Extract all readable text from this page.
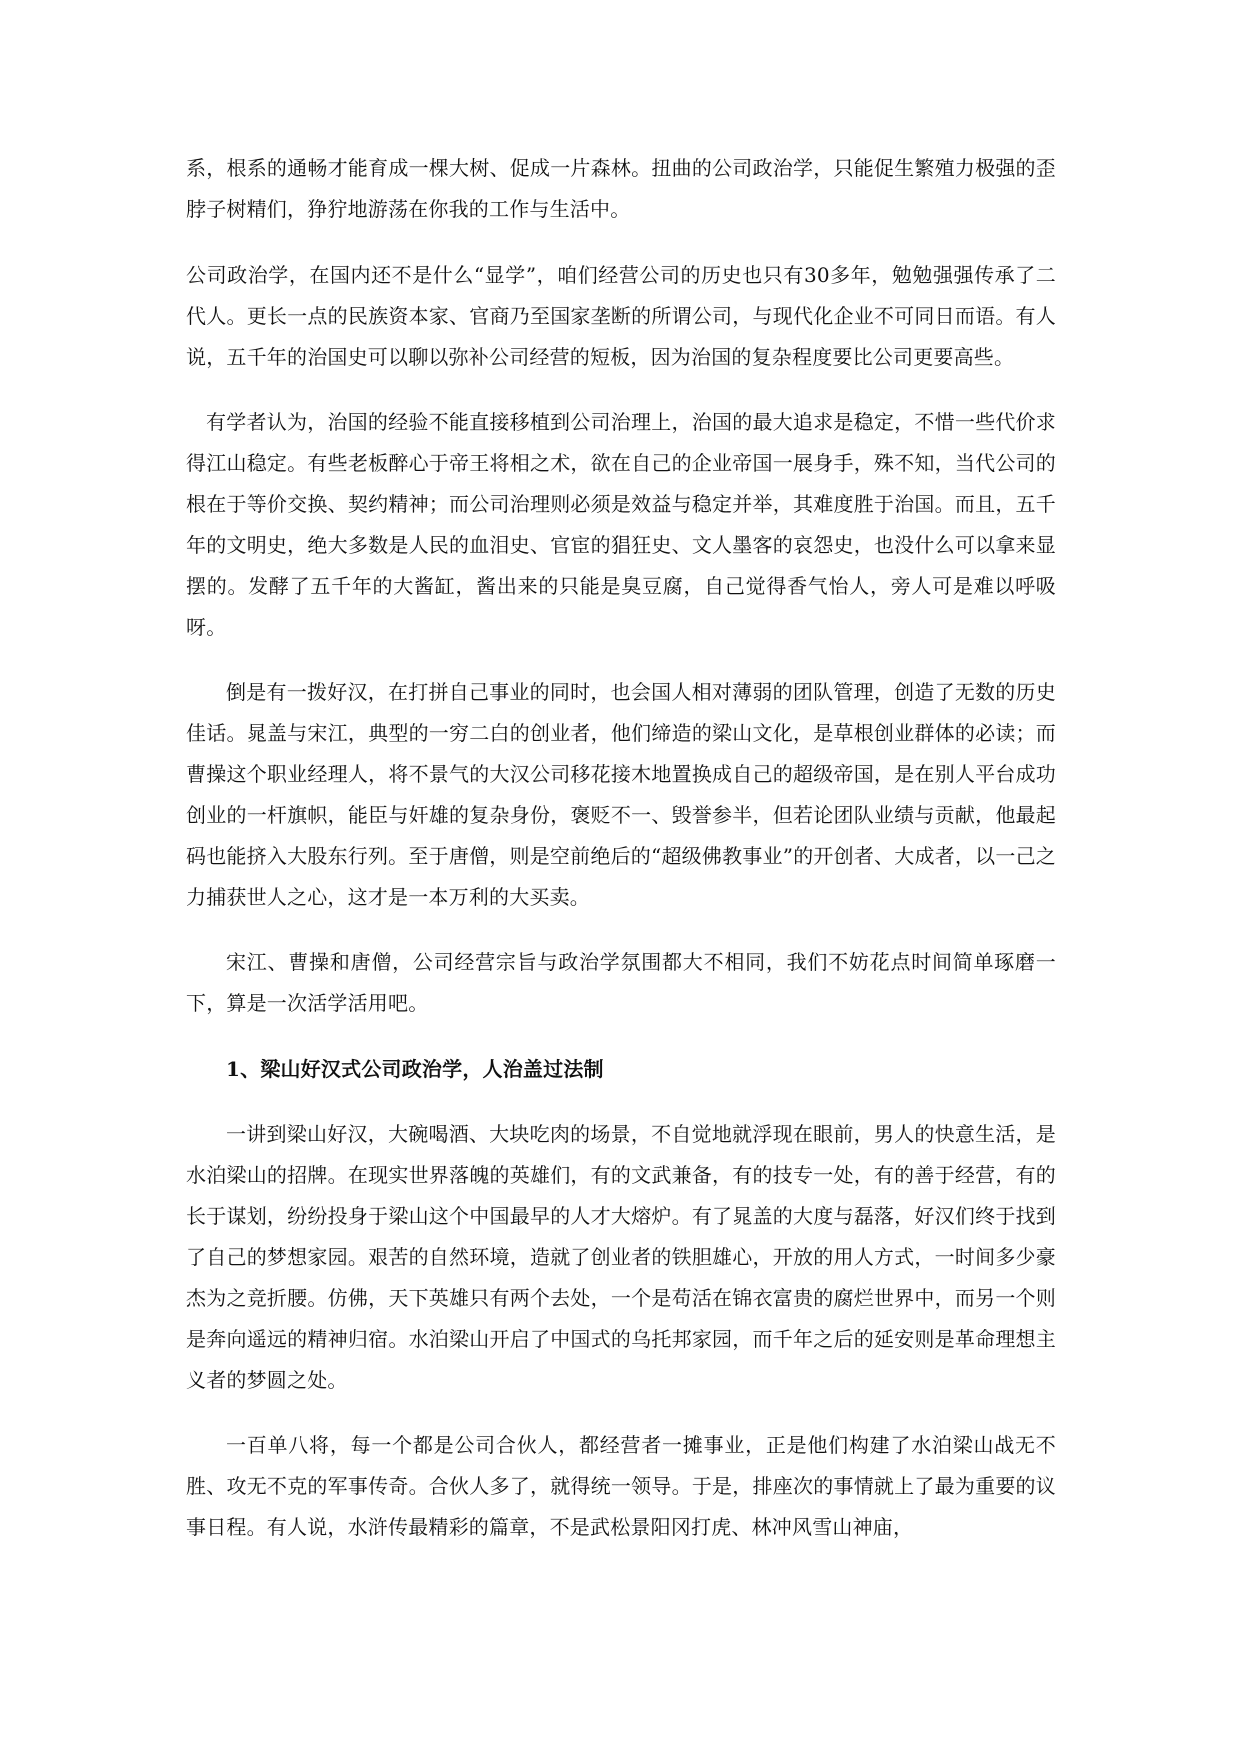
系，根系的通畅才能育成一棵大树、促成一片森林。扭曲的公司政治学，只能促生繁殖力极强的歪脖子树精们，狰狞地游荡在你我的工作与生活中。

公司政治学，在国内还不是什么“显学”，咱们经营公司的历史也只有30多年，勉勉强强传承了二代人。更长一点的民族资本家、官商乃至国家垄断的所谓公司，与现代化企业不可同日而语。有人说，五千年的治国史可以聊以弥补公司经营的短板，因为治国的复杂程度要比公司更要高些。

有学者认为，治国的经验不能直接移植到公司治理上，治国的最大追求是稳定，不惜一些代价求得江山稳定。有些老板醉心于帝王将相之术，欲在自己的企业帝国一展身手，殊不知，当代公司的根在于等价交换、契约精神；而公司治理则必须是效益与稳定并举，其难度胜于治国。而且，五千年的文明史，绝大多数是人民的血泪史、官宦的猖狂史、文人墨客的哀怨史，也没什么可以拿来显摆的。发酵了五千年的大酱缸，酱出来的只能是臭豆腐，自己觉得香气怡人，旁人可是难以呼吸呀。

倒是有一拨好汉，在打拼自己事业的同时，也会国人相对薄弱的团队管理，创造了无数的历史佳话。晁盖与宋江，典型的一穷二白的创业者，他们缔造的梁山文化，是草根创业群体的必读；而曹操这个职业经理人，将不景气的大汉公司移花接木地置换成自己的超级帝国，是在别人平台成功创业的一杆旗帜，能臣与奸雄的复杂身份，褒贬不一、毁誉参半，但若论团队业绩与贡献，他最起码也能挤入大股东行列。至于唐僧，则是空前绝后的“超级佛教事业”的开创者、大成者，以一己之力捕获世人之心，这才是一本万利的大买卖。

宋江、曹操和唐僧，公司经营宗旨与政治学氛围都大不相同，我们不妨花点时间简单琢磨一下，算是一次活学活用吧。

1、梁山好汉式公司政治学，人治盖过法制

一讲到梁山好汉，大碗喝酒、大块吃肉的场景，不自觉地就浮现在眼前，男人的快意生活，是水泊梁山的招牌。在现实世界落魄的英雄们，有的文武兼备，有的技专一处，有的善于经营，有的长于谋划，纷纷投身于梁山这个中国最早的人才大熔炉。有了晁盖的大度与磊落，好汉们终于找到了自己的梦想家园。艰苦的自然环境，造就了创业者的铁胆雄心，开放的用人方式，一时间多少豪杰为之竞折腰。仿佛，天下英雄只有两个去处，一个是苟活在锦衣富贵的腐烂世界中，而另一个则是奔向遥远的精神归宿。水泊梁山开启了中国式的乌托邦家园，而千年之后的延安则是革命理想主义者的梦圆之处。

一百单八将，每一个都是公司合伙人，都经营者一摊事业，正是他们构建了水泊梁山战无不胜、攻无不克的军事传奇。合伙人多了，就得统一领导。于是，排座次的事情就上了最为重要的议事日程。有人说，水浒传最精彩的篇章，不是武松景阳冈打虎、林冲风雪山神庙，
